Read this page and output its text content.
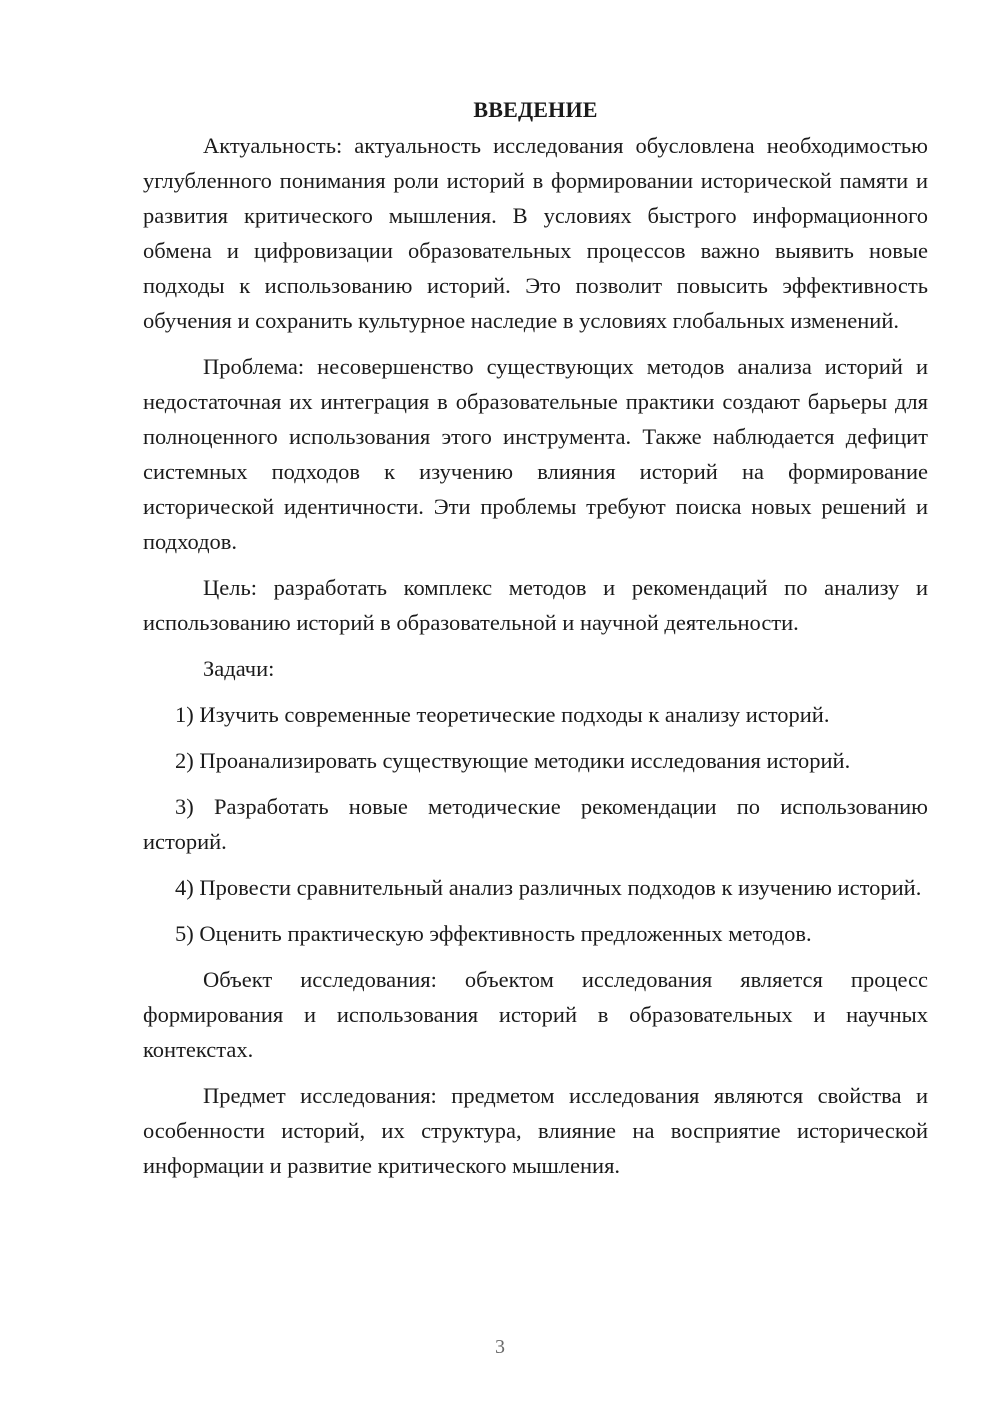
ВВЕДЕНИЕ

Актуальность: актуальность исследования обусловлена необходимостью углубленного понимания роли историй в формировании исторической памяти и развития критического мышления. В условиях быстрого информационного обмена и цифровизации образовательных процессов важно выявить новые подходы к использованию историй. Это позволит повысить эффективность обучения и сохранить культурное наследие в условиях глобальных изменений.

Проблема: несовершенство существующих методов анализа историй и недостаточная их интеграция в образовательные практики создают барьеры для полноценного использования этого инструмента. Также наблюдается дефицит системных подходов к изучению влияния историй на формирование исторической идентичности. Эти проблемы требуют поиска новых решений и подходов.

Цель: разработать комплекс методов и рекомендаций по анализу и использованию историй в образовательной и научной деятельности.

Задачи:

1) Изучить современные теоретические подходы к анализу историй.

2) Проанализировать существующие методики исследования историй.

3) Разработать новые методические рекомендации по использованию историй.

4) Провести сравнительный анализ различных подходов к изучению историй.

5) Оценить практическую эффективность предложенных методов.

Объект исследования: объектом исследования является процесс формирования и использования историй в образовательных и научных контекстах.

Предмет исследования: предметом исследования являются свойства и особенности историй, их структура, влияние на восприятие исторической информации и развитие критического мышления.

3
